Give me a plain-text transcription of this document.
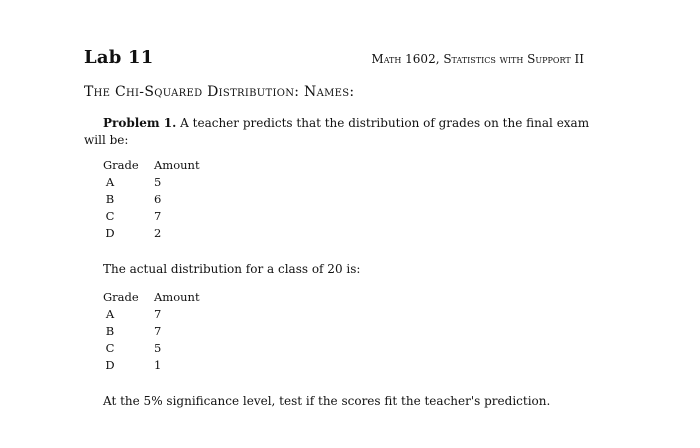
Lab 11	Math 1602, Statistics with Support II
The Chi-Squared Distribution: Names:
Problem 1. A teacher predicts that the distribution of grades on the final exam will be:
Grade	Amount
A	5
B	6
C	7
D	2
The actual distribution for a class of 20 is:
Grade	Amount
A	7
B	7
C	5
D	1
At the 5% significance level, test if the scores fit the teacher's prediction.
